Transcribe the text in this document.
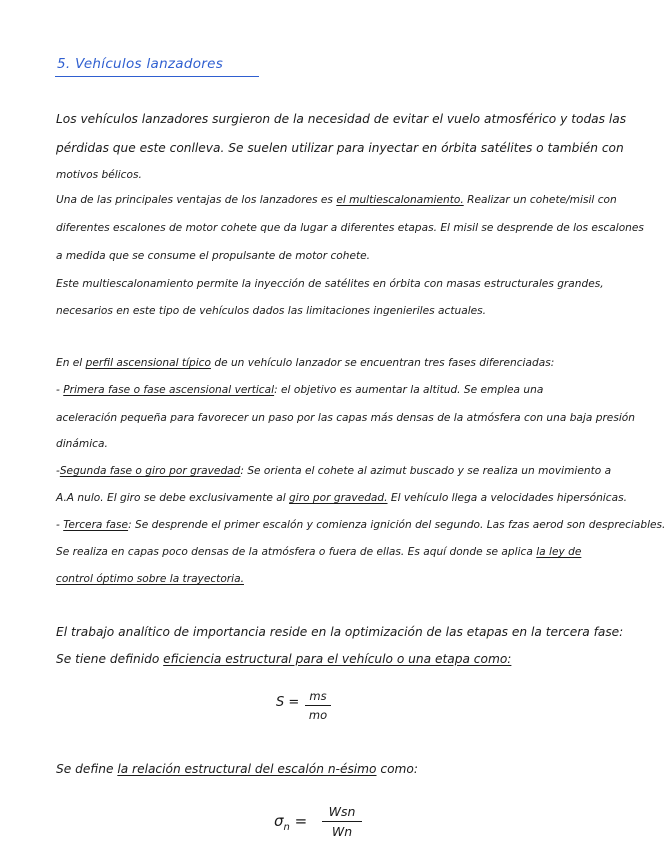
5. Vehículos lanzadores
Los vehículos lanzadores surgieron de la necesidad de evitar el vuelo atmosférico y todas las
pérdidas que este conlleva. Se suelen utilizar para inyectar en órbita satélites o también con
motivos bélicos.
Una de las principales ventajas de los lanzadores es el multiescalonamiento. Realizar un cohete/misil con
diferentes escalones de motor cohete que da lugar a diferentes etapas. El misil se desprende de los escalones
a medida que se consume el propulsante de motor cohete.
Este multiescalonamiento permite la inyección de satélites en órbita con masas estructurales grandes,
necesarios en este tipo de vehículos dados las limitaciones ingenieriles actuales.
En el perfil ascensional típico de un vehículo lanzador se encuentran tres fases diferenciadas:
- Primera fase o fase ascensional vertical: el objetivo es aumentar la altitud. Se emplea una
aceleración pequeña para favorecer un paso por las capas más densas de la atmósfera con una baja presión
dinámica.
-Segunda fase o giro por gravedad: Se orienta el cohete al azimut buscado y se realiza un movimiento a
A.A nulo. El giro se debe exclusivamente al giro por gravedad. El vehículo llega a velocidades hipersónicas.
- Tercera fase: Se desprende el primer escalón y comienza ignición del segundo. Las fzas aerod son despreciables.
Se realiza en capas poco densas de la atmósfera o fuera de ellas. Es aquí donde se aplica la ley de
control óptimo sobre la trayectoria.
El trabajo analítico de importancia reside en la optimización de las etapas en la tercera fase:
Se tiene definido eficiencia estructural para el vehículo o una etapa como:
S = ms
mo
Se define la relación estructural del escalón n-ésimo como:
$\sigma_n$ =
Wsn
Wn
